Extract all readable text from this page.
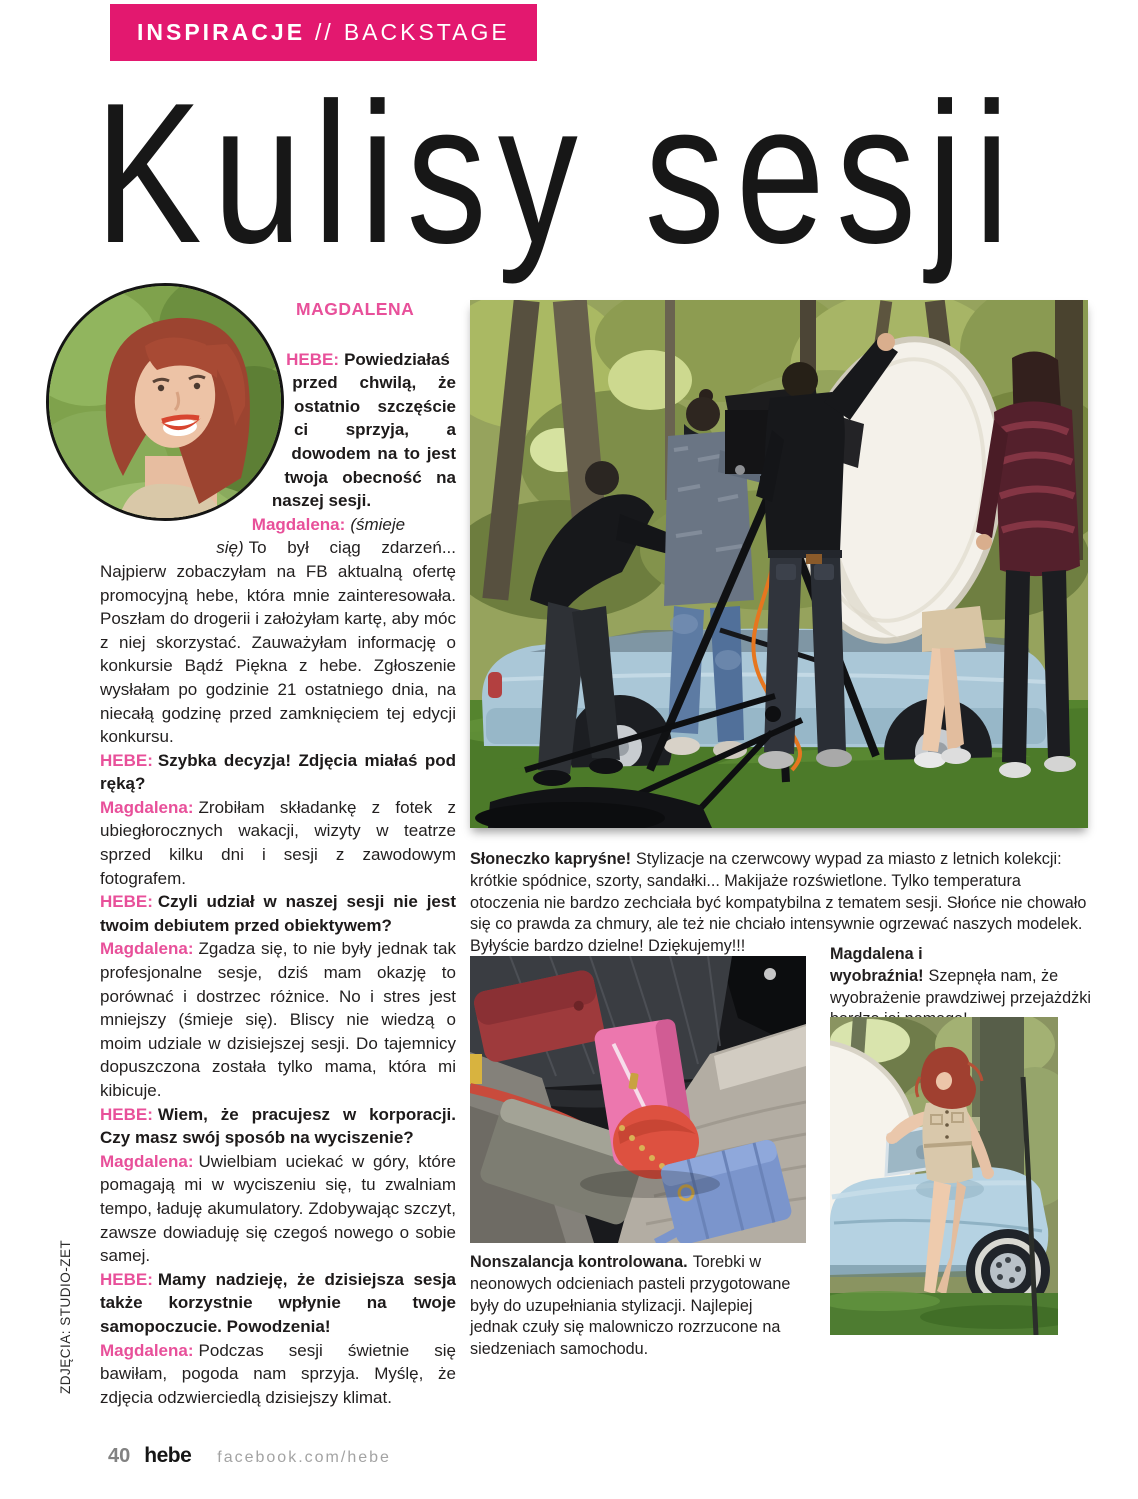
INSPIRACJE // BACKSTAGE
Kulisy sesji
MAGDALENA

HEBE: Powiedziałaś przed chwilą, że ostatnio szczęście ci sprzyja, a dowodem na to jest twoja obecność na naszej sesji.

Magdalena: (śmieje się) To był ciąg zdarzeń... Najpierw zobaczyłam na FB aktualną ofertę promocyjną hebe, która mnie zainteresowała. Poszłam do drogerii i założyłam kartę, aby móc z niej skorzystać. Zauważyłam informację o konkursie Bądź Piękna z hebe. Zgłoszenie wysłałam po godzinie 21 ostatniego dnia, na niecałą godzinę przed zamknięciem tej edycji konkursu.

HEBE: Szybka decyzja! Zdjęcia miałaś pod ręką?

Magdalena: Zrobiłam składankę z fotek z ubiegłorocznych wakacji, wizyty w teatrze sprzed kilku dni i sesji z zawodowym fotografem.

HEBE: Czyli udział w naszej sesji nie jest twoim debiutem przed obiektywem?

Magdalena: Zgadza się, to nie były jednak tak profesjonalne sesje, dziś mam okazję to porównać i dostrzec różnice. No i stres jest mniejszy (śmieje się). Bliscy nie wiedzą o moim udziale w dzisiejszej sesji. Do tajemnicy dopuszczona została tylko mama, która mi kibicuje.

HEBE: Wiem, że pracujesz w korporacji. Czy masz swój sposób na wyciszenie?

Magdalena: Uwielbiam uciekać w góry, które pomagają mi w wyciszeniu się, tu zwalniam tempo, ładuję akumulatory. Zdobywając szczyt, zawsze dowiaduję się czegoś nowego o sobie samej.

HEBE: Mamy nadzieję, że dzisiejsza sesja także korzystnie wpłynie na twoje samopoczucie. Powodzenia!

Magdalena: Podczas sesji świetnie się bawiłam, pogoda nam sprzyja. Myślę, że zdjęcia odzwierciedlą dzisiejszy klimat.

Słoneczko kapryśne! Stylizacje na czerwcowy wypad za miasto z letnich kolekcji: krótkie spódnice, szorty, sandałki... Makijaże rozświetlone. Tylko temperatura otoczenia nie bardzo zechciała być kompatybilna z tematem sesji. Słońce nie chowało się co prawda za chmury, ale też nie chciało intensywnie ogrzewać naszych modelek. Byłyście bardzo dzielne! Dziękujemy!!!
Nonszalancja kontrolowana. Torebki w neonowych odcieniach pasteli przygotowane były do uzupełniania stylizacji. Najlepiej jednak czuły się malowniczo rozrzucone na siedzeniach samochodu.
Magdalena i wyobraźnia! Szepnęła nam, że wyobrażenie prawdziwej przejażdżki
ZDJĘCIA: STUDIO-ZET
40 hebe facebook.com/hebe
